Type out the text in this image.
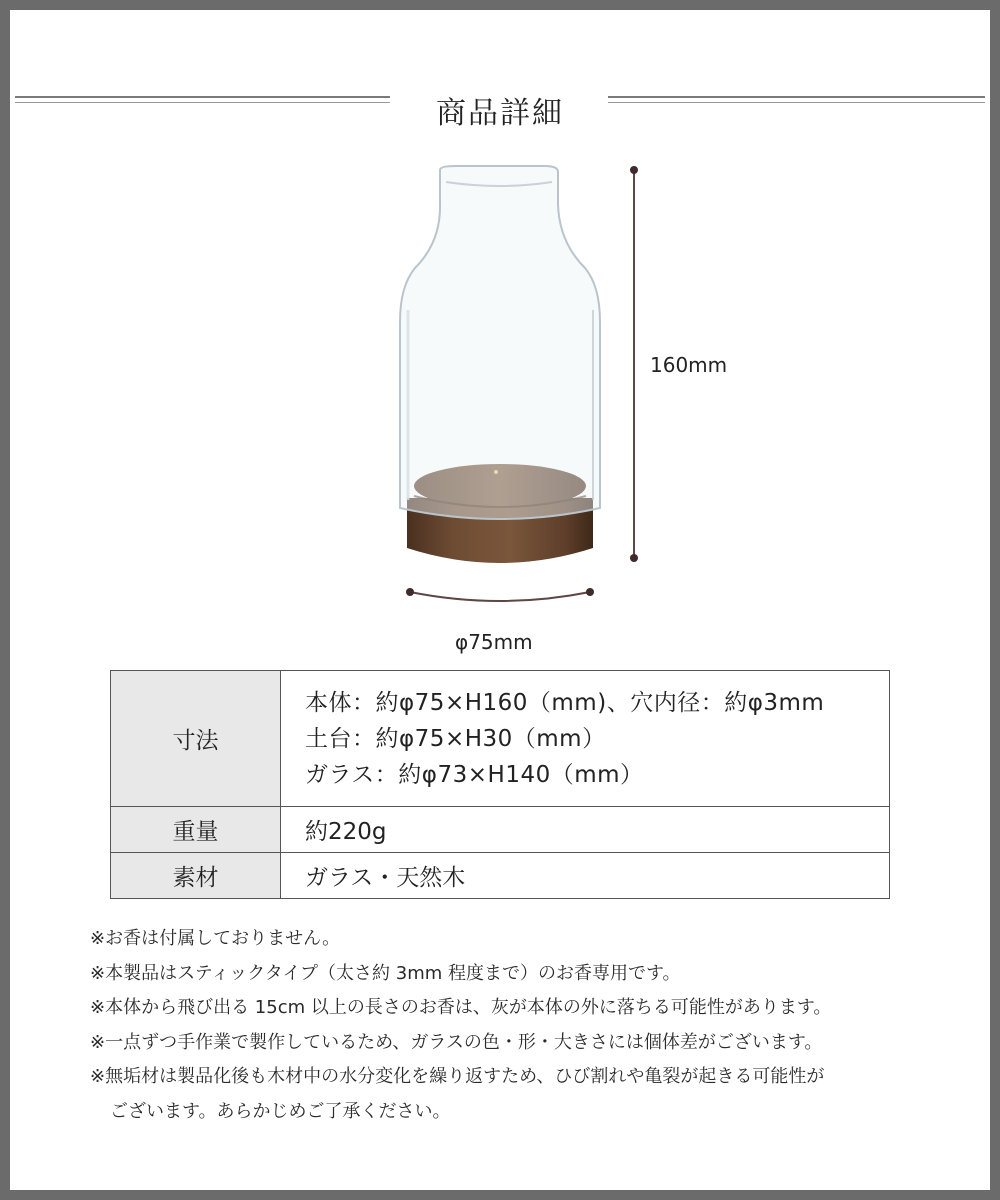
商品詳細
160mm
φ75mm
寸法	本体：約φ75×H160（mm)、穴内径：約φ3mm
土台：約φ75×H30（mm）
ガラス：約φ73×H140（mm）

重量	約220g
素材	ガラス・天然木
※お香は付属しておりません。
※本製品はスティックタイプ（太さ約 3mm 程度まで）のお香専用です。
※本体から飛び出る 15cm 以上の長さのお香は、灰が本体の外に落ちる可能性があります。
※一点ずつ手作業で製作しているため、ガラスの色・形・大きさには個体差がございます。
※無垢材は製品化後も木材中の水分変化を繰り返すため、ひび割れや亀裂が起きる可能性が
ございます。あらかじめご了承ください。
